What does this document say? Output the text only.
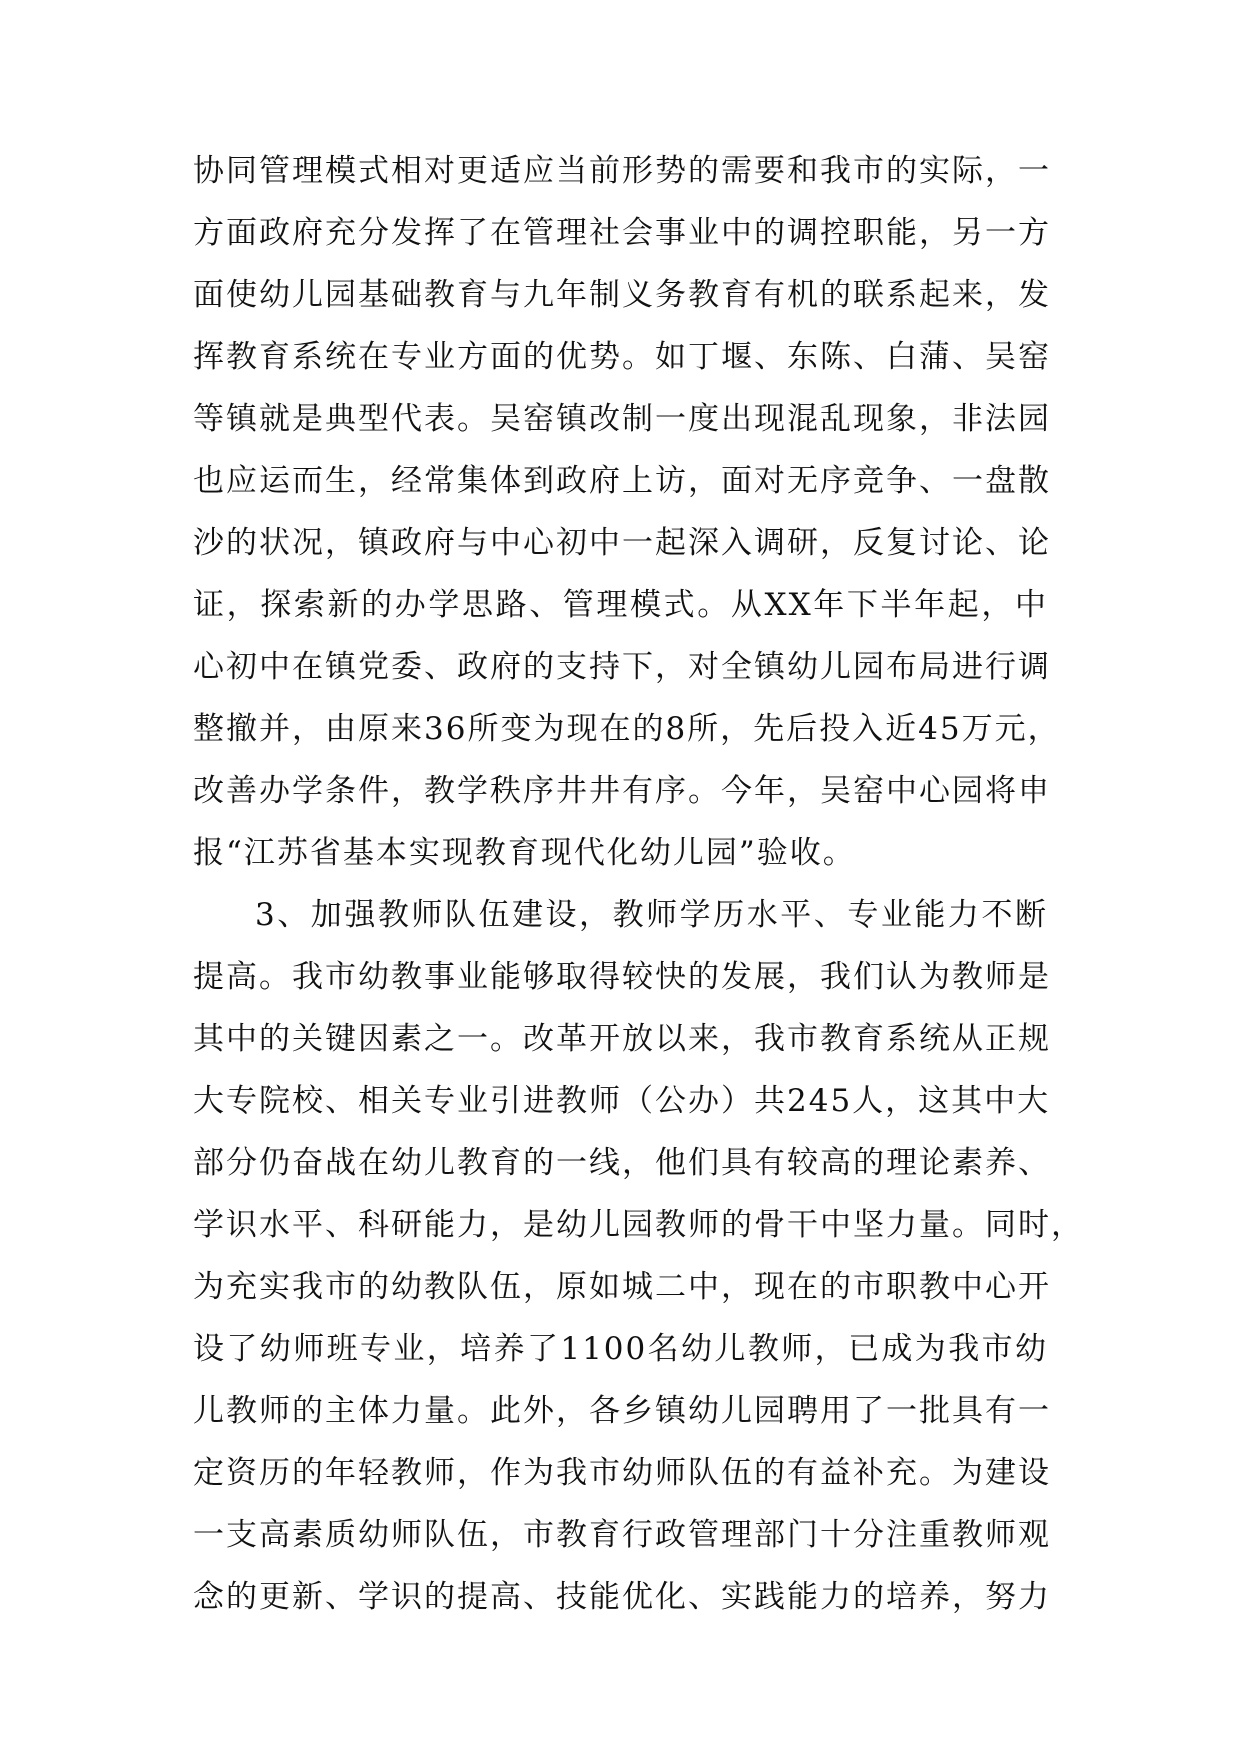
协同管理模式相对更适应当前形势的需要和我市的实际，一
方面政府充分发挥了在管理社会事业中的调控职能，另一方
面使幼儿园基础教育与九年制义务教育有机的联系起来，发
挥教育系统在专业方面的优势。如丁堰、东陈、白蒲、吴窑
等镇就是典型代表。吴窑镇改制一度出现混乱现象，非法园
也应运而生，经常集体到政府上访，面对无序竞争、一盘散
沙的状况，镇政府与中心初中一起深入调研，反复讨论、论
证，探索新的办学思路、管理模式。从XX年下半年起，中
心初中在镇党委、政府的支持下，对全镇幼儿园布局进行调
整撤并，由原来36所变为现在的8所，先后投入近45万元，
改善办学条件，教学秩序井井有序。今年，吴窑中心园将申
报“江苏省基本实现教育现代化幼儿园”验收。
3、加强教师队伍建设，教师学历水平、专业能力不断
提高。我市幼教事业能够取得较快的发展，我们认为教师是
其中的关键因素之一。改革开放以来，我市教育系统从正规
大专院校、相关专业引进教师（公办）共245人，这其中大
部分仍奋战在幼儿教育的一线，他们具有较高的理论素养、
学识水平、科研能力，是幼儿园教师的骨干中坚力量。同时，
为充实我市的幼教队伍，原如城二中，现在的市职教中心开
设了幼师班专业，培养了1100名幼儿教师，已成为我市幼
儿教师的主体力量。此外，各乡镇幼儿园聘用了一批具有一
定资历的年轻教师，作为我市幼师队伍的有益补充。为建设
一支高素质幼师队伍，市教育行政管理部门十分注重教师观
念的更新、学识的提高、技能优化、实践能力的培养，努力
